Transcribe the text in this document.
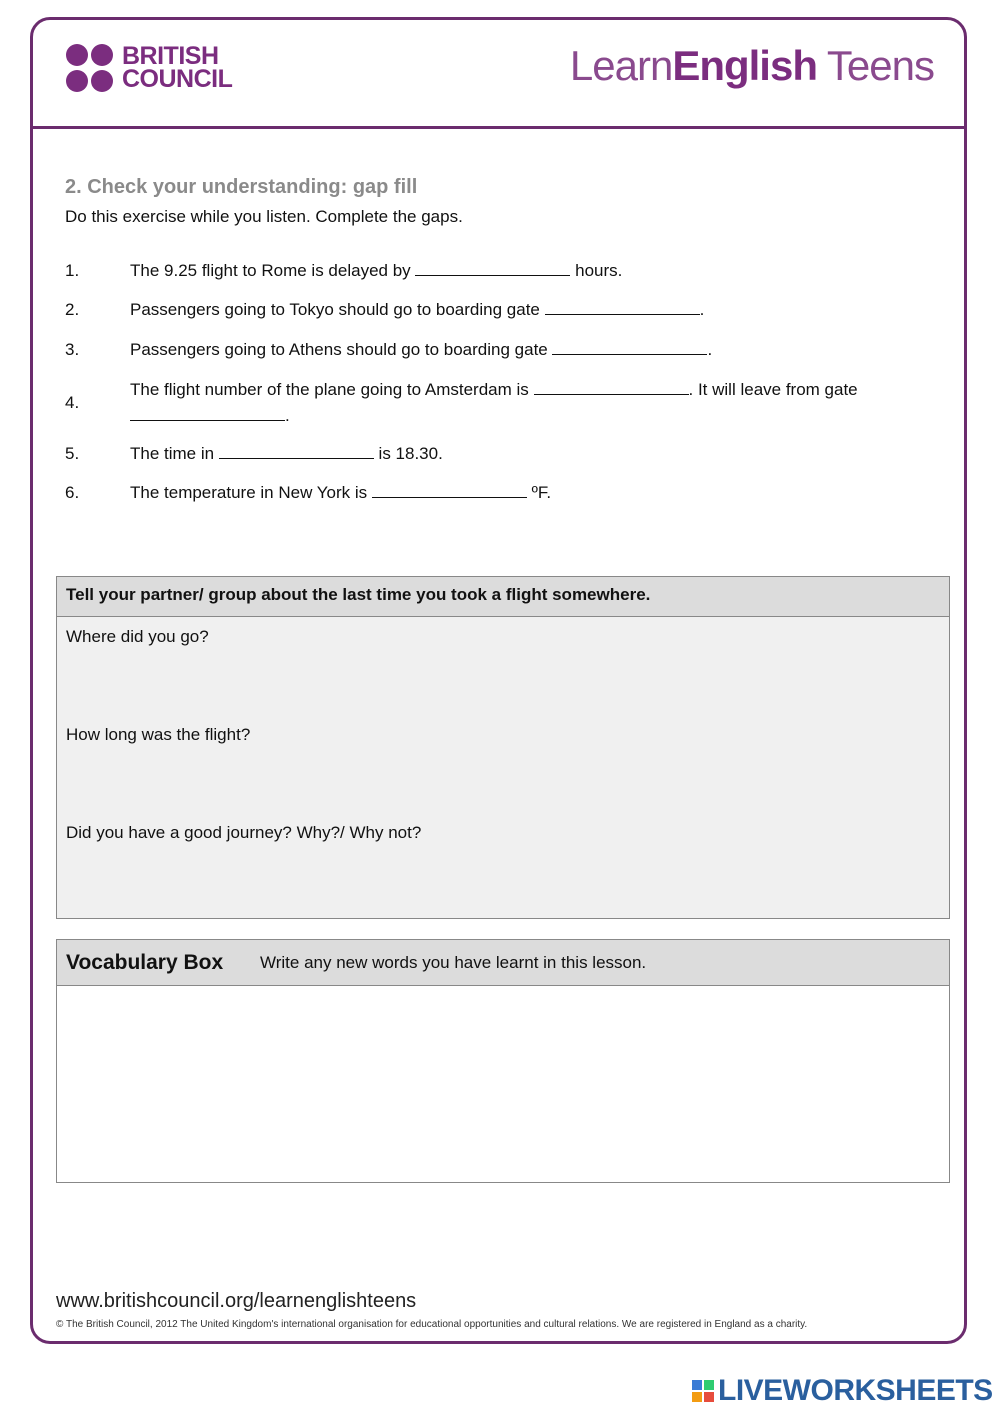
BRITISH
COUNCIL	LearnEnglish Teens
2. Check your understanding: gap fill

Do this exercise while you listen. Complete the gaps.

1.	The 9.25 flight to Rome is delayed by	hours.
2.	Passengers going to Tokyo should go to boarding gate	.
3.	Passengers going to Athens should go to boarding gate	.
4.
The flight number of the plane going to Amsterdam is	. It will leave from gate .
5.	The time in	is 18.30.
6.	The temperature in New York is	ºF.
Tell your partner/ group about the last time you took a flight somewhere.
Where did you go?
How long was the flight?
Did you have a good journey? Why?/ Why not?
Vocabulary Box	Write any new words you have learnt in this lesson.
www.britishcouncil.org/learnenglishteens
© The British Council, 2012 The United Kingdom's international organisation for educational opportunities and cultural relations. We are registered in England as a charity.
LIVEWORKSHEETS
